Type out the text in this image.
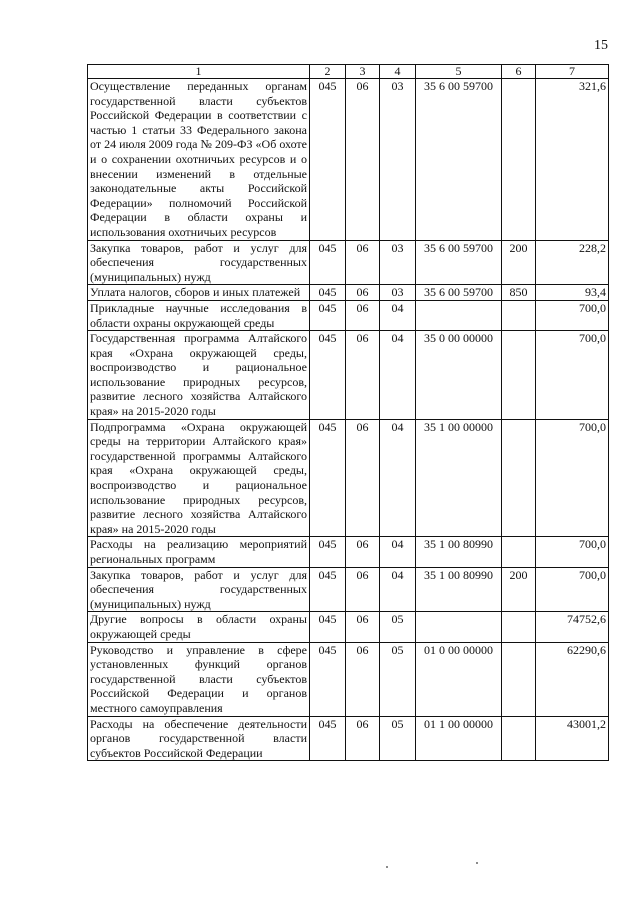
15
1	2	3	4	5	6	7
Осуществление переданных органам государственной власти субъектов Российской Федерации в соответствии с частью 1 статьи 33 Федерального закона от 24 июля 2009 года № 209-ФЗ «Об охоте и о сохранении охотничьих ресурсов и о внесении изменений в отдельные законодательные акты Российской Федерации» полномочий Российской Федерации в области охраны и использования охотничьих ресурсов	045	06	03	35 6 00 59700		321,6
Закупка товаров, работ и услуг для обеспечения государственных (муниципальных) нужд	045	06	03	35 6 00 59700	200	228,2
Уплата налогов, сборов и иных платежей	045	06	03	35 6 00 59700	850	93,4
Прикладные научные исследования в области охраны окружающей среды	045	06	04			700,0
Государственная программа Алтайского края «Охрана окружающей среды, воспроизводство и рациональное использование природных ресурсов, развитие лесного хозяйства Алтайского края» на 2015-2020 годы	045	06	04	35 0 00 00000		700,0
Подпрограмма «Охрана окружающей среды на территории Алтайского края» государственной программы Алтайского края «Охрана окружающей среды, воспроизводство и рациональное использование природных ресурсов, развитие лесного хозяйства Алтайского края» на 2015-2020 годы	045	06	04	35 1 00 00000		700,0
Расходы на реализацию мероприятий региональных программ	045	06	04	35 1 00 80990		700,0
Закупка товаров, работ и услуг для обеспечения государственных (муниципальных) нужд	045	06	04	35 1 00 80990	200	700,0
Другие вопросы в области охраны окружающей среды	045	06	05			74752,6
Руководство и управление в сфере установленных функций органов государственной власти субъектов Российской Федерации и органов местного самоуправления	045	06	05	01 0 00 00000		62290,6
Расходы на обеспечение деятельности органов государственной власти субъектов Российской Федерации	045	06	05	01 1 00 00000		43001,2
